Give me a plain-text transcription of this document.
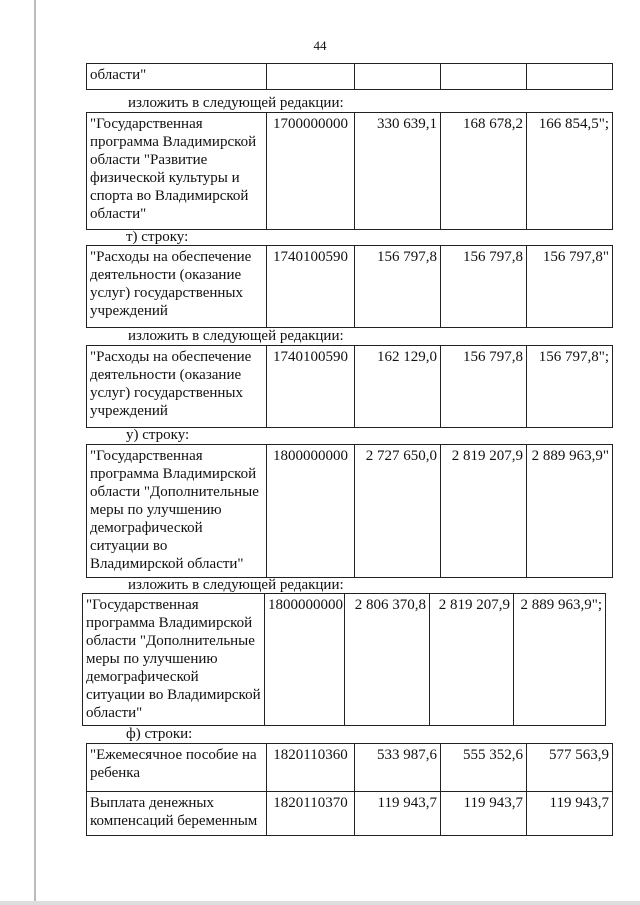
44
области"				
изложить в следующей редакции:
"Государственная программа Владимирской области "Развитие физической культуры и спорта во Владимирской области"	1700000000	330 639,1	168 678,2	166 854,5";
т) строку:
"Расходы на обеспечение деятельности (оказание услуг) государственных учреждений	1740100590	156 797,8	156 797,8	156 797,8"
изложить в следующей редакции:
"Расходы на обеспечение деятельности (оказание услуг) государственных учреждений	1740100590	162 129,0	156 797,8	156 797,8";
у) строку:
"Государственная программа Владимирской области "Дополнительные меры по улучшению демографической ситуации во Владимирской области"	1800000000	2 727 650,0	2 819 207,9	2 889 963,9"
изложить в следующей редакции:
"Государственная программа Владимирской области "Дополнительные меры по улучшению демографической ситуации во Владимирской области"	1800000000	2 806 370,8	2 819 207,9	2 889 963,9";
ф) строки:
"Ежемесячное пособие на ребенка	1820110360	533 987,6	555 352,6	577 563,9
Выплата денежных компенсаций беременным	1820110370	119 943,7	119 943,7	119 943,7
